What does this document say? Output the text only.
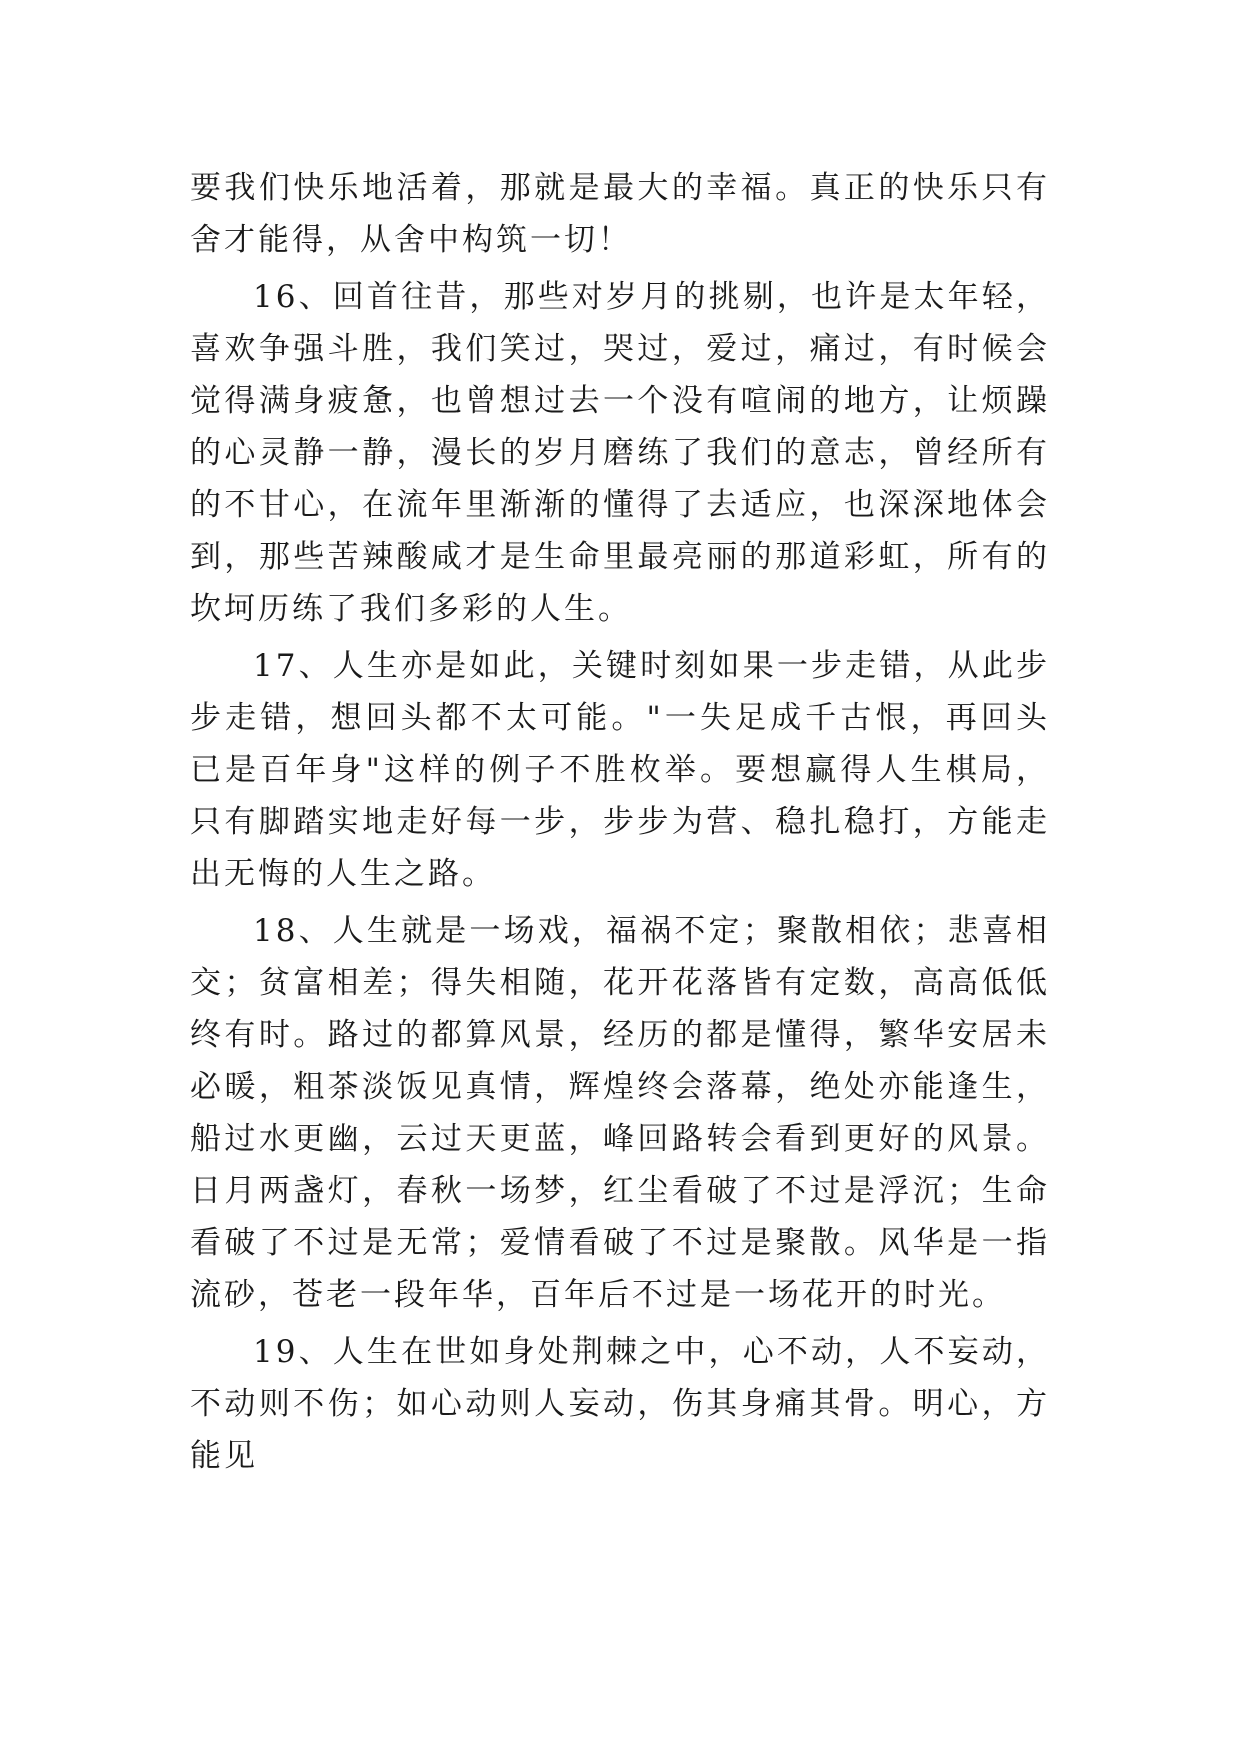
要我们快乐地活着，那就是最大的幸福。真正的快乐只有舍才能得，从舍中构筑一切！

16、回首往昔，那些对岁月的挑剔，也许是太年轻，喜欢争强斗胜，我们笑过，哭过，爱过，痛过，有时候会觉得满身疲惫，也曾想过去一个没有喧闹的地方，让烦躁的心灵静一静，漫长的岁月磨练了我们的意志，曾经所有的不甘心，在流年里渐渐的懂得了去适应，也深深地体会到，那些苦辣酸咸才是生命里最亮丽的那道彩虹，所有的坎坷历练了我们多彩的人生。

17、人生亦是如此，关键时刻如果一步走错，从此步步走错，想回头都不太可能。"一失足成千古恨，再回头已是百年身"这样的例子不胜枚举。要想赢得人生棋局，只有脚踏实地走好每一步，步步为营、稳扎稳打，方能走出无悔的人生之路。

18、人生就是一场戏，福祸不定；聚散相依；悲喜相交；贫富相差；得失相随，花开花落皆有定数，高高低低终有时。路过的都算风景，经历的都是懂得，繁华安居未必暖，粗茶淡饭见真情，辉煌终会落幕，绝处亦能逢生，船过水更幽，云过天更蓝，峰回路转会看到更好的风景。日月两盏灯，春秋一场梦，红尘看破了不过是浮沉；生命看破了不过是无常；爱情看破了不过是聚散。风华是一指流砂，苍老一段年华，百年后不过是一场花开的时光。

19、人生在世如身处荆棘之中，心不动，人不妄动，不动则不伤；如心动则人妄动，伤其身痛其骨。明心，方能见
